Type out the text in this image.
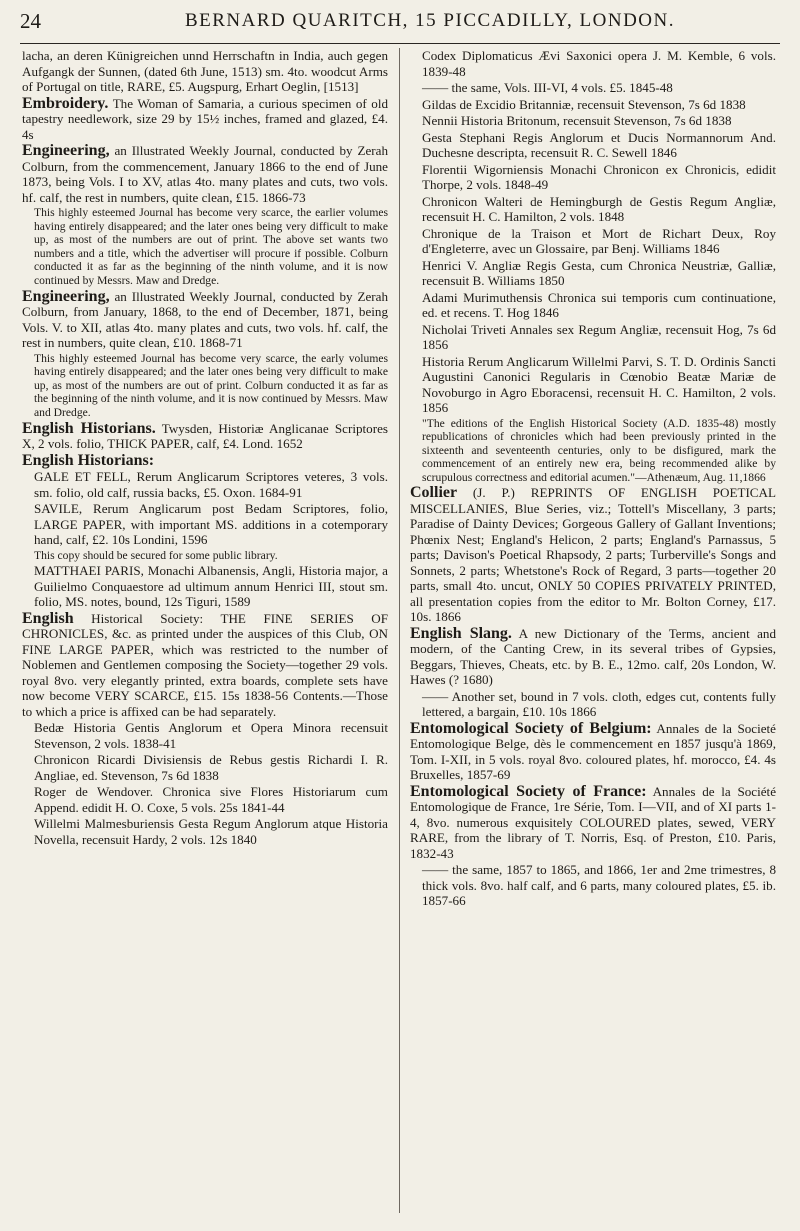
24	BERNARD QUARITCH, 15 PICCADILLY, LONDON.
lacha, an deren Künigreichen unnd Herrschaftn in India, auch gegen Aufgangk der Sunnen, (dated 6th June, 1513) sm. 4to. woodcut Arms of Portugal on title, RARE, £5. Augspurg, Erhart Oeglin, [1513]
Embroidery. The Woman of Samaria, a curious specimen of old tapestry needlework, size 29 by 15½ inches, framed and glazed, £4. 4s
Engineering, an Illustrated Weekly Journal, conducted by Zerah Colburn, from the commencement, January 1866 to the end of June 1873, being Vols. I to XV, atlas 4to. many plates and cuts, two vols. hf. calf, the rest in numbers, quite clean, £15. 1866-73
This highly esteemed Journal has become very scarce, the earlier volumes having entirely disappeared; and the later ones being very difficult to make up, as most of the numbers are out of print. The above set wants two numbers and a title, which the advertiser will procure if possible. Colburn conducted it as far as the beginning of the ninth volume, and it is now continued by Messrs. Maw and Dredge.
Engineering, an Illustrated Weekly Journal, conducted by Zerah Colburn, from January, 1868, to the end of December, 1871, being Vols. V. to XII, atlas 4to. many plates and cuts, two vols. hf. calf, the rest in numbers, quite clean, £10. 1868-71
This highly esteemed Journal has become very scarce, the early volumes having entirely disappeared; and the later ones being very difficult to make up, as most of the numbers are out of print. Colburn conducted it as far as the beginning of the ninth volume, and it is now continued by Messrs. Maw and Dredge.
English Historians. Twysden, Historiæ Anglicanae Scriptores X, 2 vols. folio, THICK PAPER, calf, £4. Lond. 1652
English Historians:
GALE ET FELL, Rerum Anglicarum Scriptores veteres, 3 vols. sm. folio, old calf, russia backs, £5. Oxon. 1684-91
SAVILE, Rerum Anglicarum post Bedam Scriptores, folio, LARGE PAPER, with important MS. additions in a cotemporary hand, calf, £2. 10s Londini, 1596
This copy should be secured for some public library.
MATTHAEI PARIS, Monachi Albanensis, Angli, Historia major, a Guilielmo Conquaestore ad ultimum annum Henrici III, stout sm. folio, MS. notes, bound, 12s Tiguri, 1589
English Historical Society: THE FINE SERIES OF CHRONICLES, &c. as printed under the auspices of this Club, ON FINE LARGE PAPER, which was restricted to the number of Noblemen and Gentlemen composing the Society—together 29 vols. royal 8vo. very elegantly printed, extra boards, complete sets have now become VERY SCARCE, £15. 15s 1838-56 Contents.—Those to which a price is affixed can be had separately.
Bedæ Historia Gentis Anglorum et Opera Minora recensuit Stevenson, 2 vols. 1838-41
Chronicon Ricardi Divisiensis de Rebus gestis Richardi I. R. Angliae, ed. Stevenson, 7s 6d 1838
Roger de Wendover. Chronica sive Flores Historiarum cum Append. edidit H. O. Coxe, 5 vols. 25s 1841-44
Willelmi Malmesburiensis Gesta Regum Anglorum atque Historia Novella, recensuit Hardy, 2 vols. 12s 1840
Codex Diplomaticus Ævi Saxonici opera J. M. Kemble, 6 vols. 1839-48
—— the same, Vols. III-VI, 4 vols. £5. 1845-48
Gildas de Excidio Britanniæ, recensuit Stevenson, 7s 6d 1838
Nennii Historia Britonum, recensuit Stevenson, 7s 6d 1838
Gesta Stephani Regis Anglorum et Ducis Normannorum And. Duchesne descripta, recensuit R. C. Sewell 1846
Florentii Wigorniensis Monachi Chronicon ex Chronicis, edidit Thorpe, 2 vols. 1848-49
Chronicon Walteri de Hemingburgh de Gestis Regum Angliæ, recensuit H. C. Hamilton, 2 vols. 1848
Chronique de la Traison et Mort de Richart Deux, Roy d'Engleterre, avec un Glossaire, par Benj. Williams 1846
Henrici V. Angliæ Regis Gesta, cum Chronica Neustriæ, Galliæ, recensuit B. Williams 1850
Adami Murimuthensis Chronica sui temporis cum continuatione, ed. et recens. T. Hog 1846
Nicholai Triveti Annales sex Regum Angliæ, recensuit Hog, 7s 6d 1856
Historia Rerum Anglicarum Willelmi Parvi, S. T. D. Ordinis Sancti Augustini Canonici Regularis in Cœnobio Beatæ Mariæ de Novoburgo in Agro Eboracensi, recensuit H. C. Hamilton, 2 vols. 1856
"The editions of the English Historical Society (A.D. 1835-48) mostly republications of chronicles which had been previously printed in the sixteenth and seventeenth centuries, only to be disfigured, mark the commencement of an entirely new era, being recommended alike by scrupulous correctness and editorial acumen."—Athenæum, Aug. 11,1866
Collier (J. P.) REPRINTS OF ENGLISH POETICAL MISCELLANIES, Blue Series, viz.; Tottell's Miscellany, 3 parts; Paradise of Dainty Devices; Gorgeous Gallery of Gallant Inventions; Phœnix Nest; England's Helicon, 2 parts; England's Parnassus, 5 parts; Davison's Poetical Rhapsody, 2 parts; Turberville's Songs and Sonnets, 2 parts; Whetstone's Rock of Regard, 3 parts—together 20 parts, small 4to. uncut, ONLY 50 COPIES PRIVATELY PRINTED, all presentation copies from the editor to Mr. Bolton Corney, £17. 10s. 1866
English Slang. A new Dictionary of the Terms, ancient and modern, of the Canting Crew, in its several tribes of Gypsies, Beggars, Thieves, Cheats, etc. by B. E., 12mo. calf, 20s London, W. Hawes (? 1680)
—— Another set, bound in 7 vols. cloth, edges cut, contents fully lettered, a bargain, £10. 10s 1866
Entomological Society of Belgium: Annales de la Societé Entomologique Belge, dès le commencement en 1857 jusqu'à 1869, Tom. I-XII, in 5 vols. royal 8vo. coloured plates, hf. morocco, £4. 4s Bruxelles, 1857-69
Entomological Society of France: Annales de la Société Entomologique de France, 1re Série, Tom. I—VII, and of XI parts 1-4, 8vo. numerous exquisitely COLOURED plates, sewed, VERY RARE, from the library of T. Norris, Esq. of Preston, £10. Paris, 1832-43
—— the same, 1857 to 1865, and 1866, 1er and 2me trimestres, 8 thick vols. 8vo. half calf, and 6 parts, many coloured plates, £5. ib. 1857-66
